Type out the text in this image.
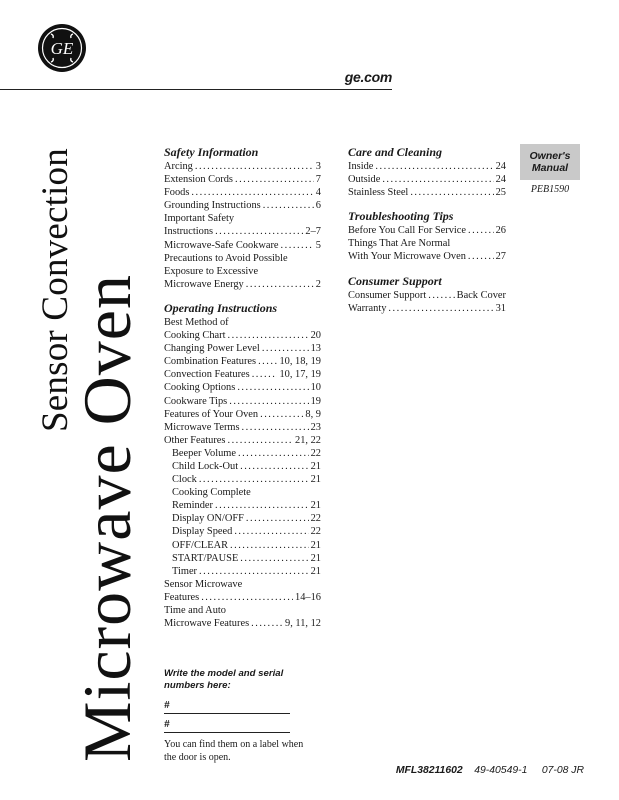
GE
ge.com
Sensor Convection
Microwave Oven
Safety Information
Arcing .....	3
Extension Cords .....	7
Foods .....	4
Grounding Instructions .....	6
Important Safety
Instructions .....	2–7
Microwave-Safe Cookware .....	5
Precautions to Avoid Possible
Exposure to Excessive
Microwave Energy .....	2
Operating Instructions
Best Method of
Cooking Chart .....	20
Changing Power Level .....	13
Combination Features ..... 10, 18, 19
Convection Features .....	10, 17, 19
Cooking Options .....	10
Cookware Tips .....	19
Features of Your Oven .....	8, 9
Microwave Terms .....	23
Other Features .....	21, 22
Beeper Volume .....	22
Child Lock-Out .....	21
Clock .....	21
Cooking Complete
Reminder .....	21
Display ON/OFF .....	22
Display Speed .....	22
OFF/CLEAR .....	21
START/PAUSE .....	21
Timer .....	21
Sensor Microwave
Features .....	14–16
Time and Auto
Microwave Features .....	9, 11, 12
Care and Cleaning
Inside .....	24
Outside .....	24
Stainless Steel .....	25
Troubleshooting Tips
Before You Call For Service .....	26
Things That Are Normal
With Your Microwave Oven .....	27
Consumer Support
Consumer Support .....	Back Cover
Warranty .....	31
Owner's
Manual
PEB1590
Write the model and serial numbers here:
#
#
You can find them on a label when the door is open.
MFL38211602 49-40549-1 07-08 JR
